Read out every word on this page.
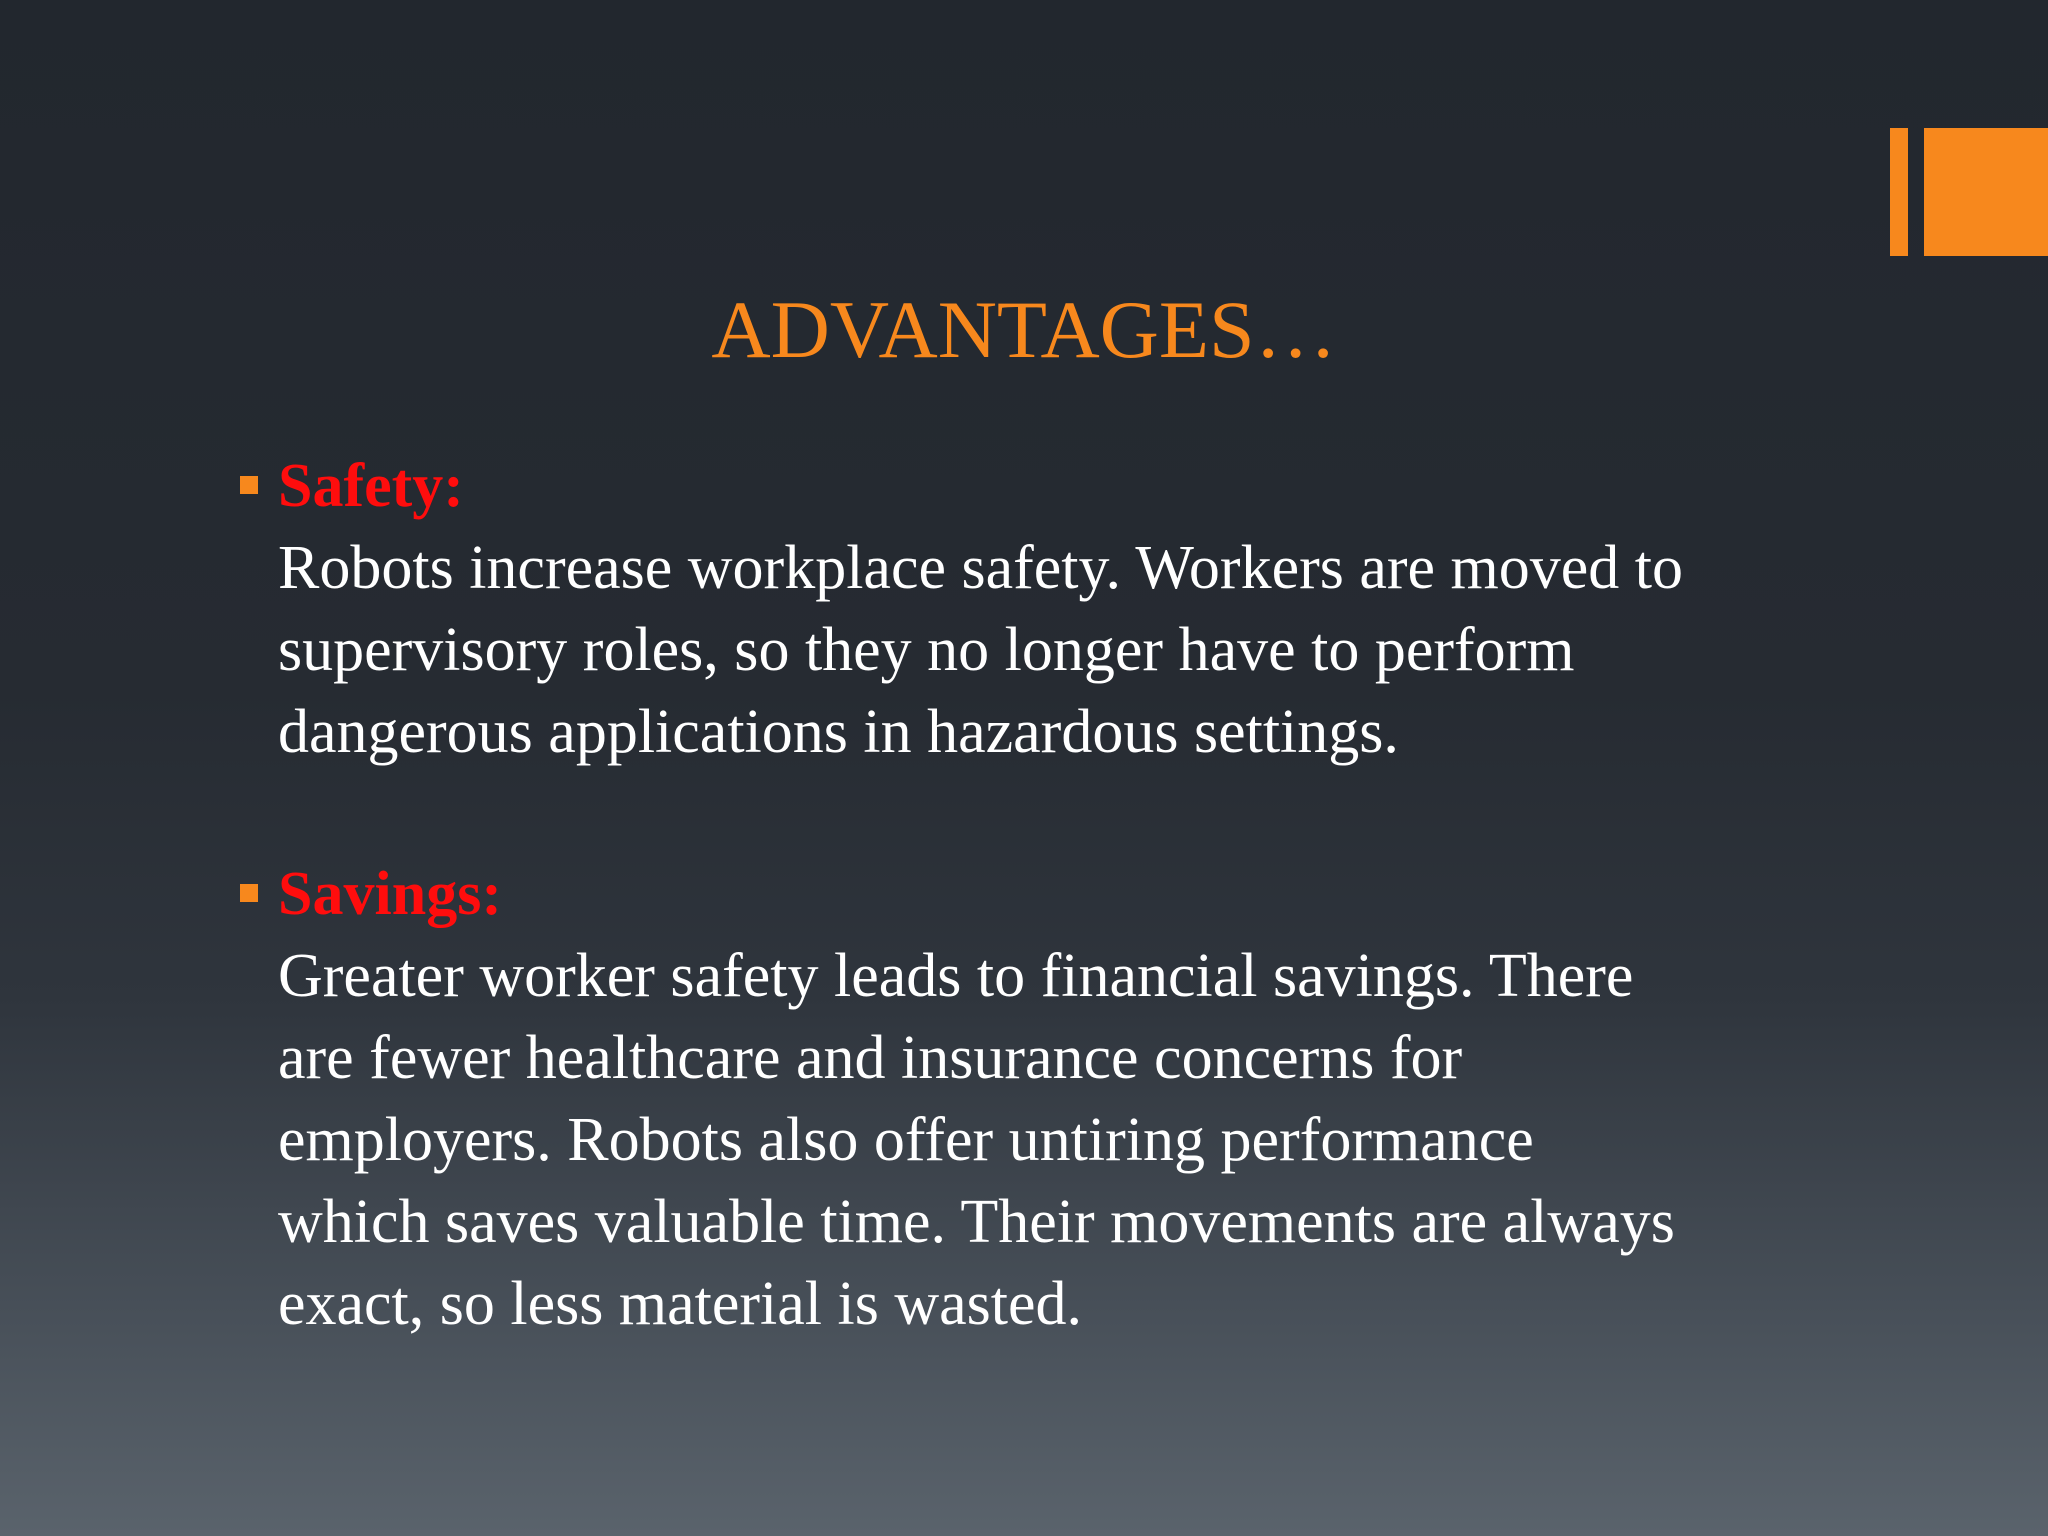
ADVANTAGES…
Safety:
Robots increase workplace safety. Workers are moved to
supervisory roles, so they no longer have to perform
dangerous applications in hazardous settings.
Savings:
Greater worker safety leads to financial savings. There
are fewer healthcare and insurance concerns for
employers. Robots also offer untiring performance
which saves valuable time. Their movements are always
exact, so less material is wasted.
